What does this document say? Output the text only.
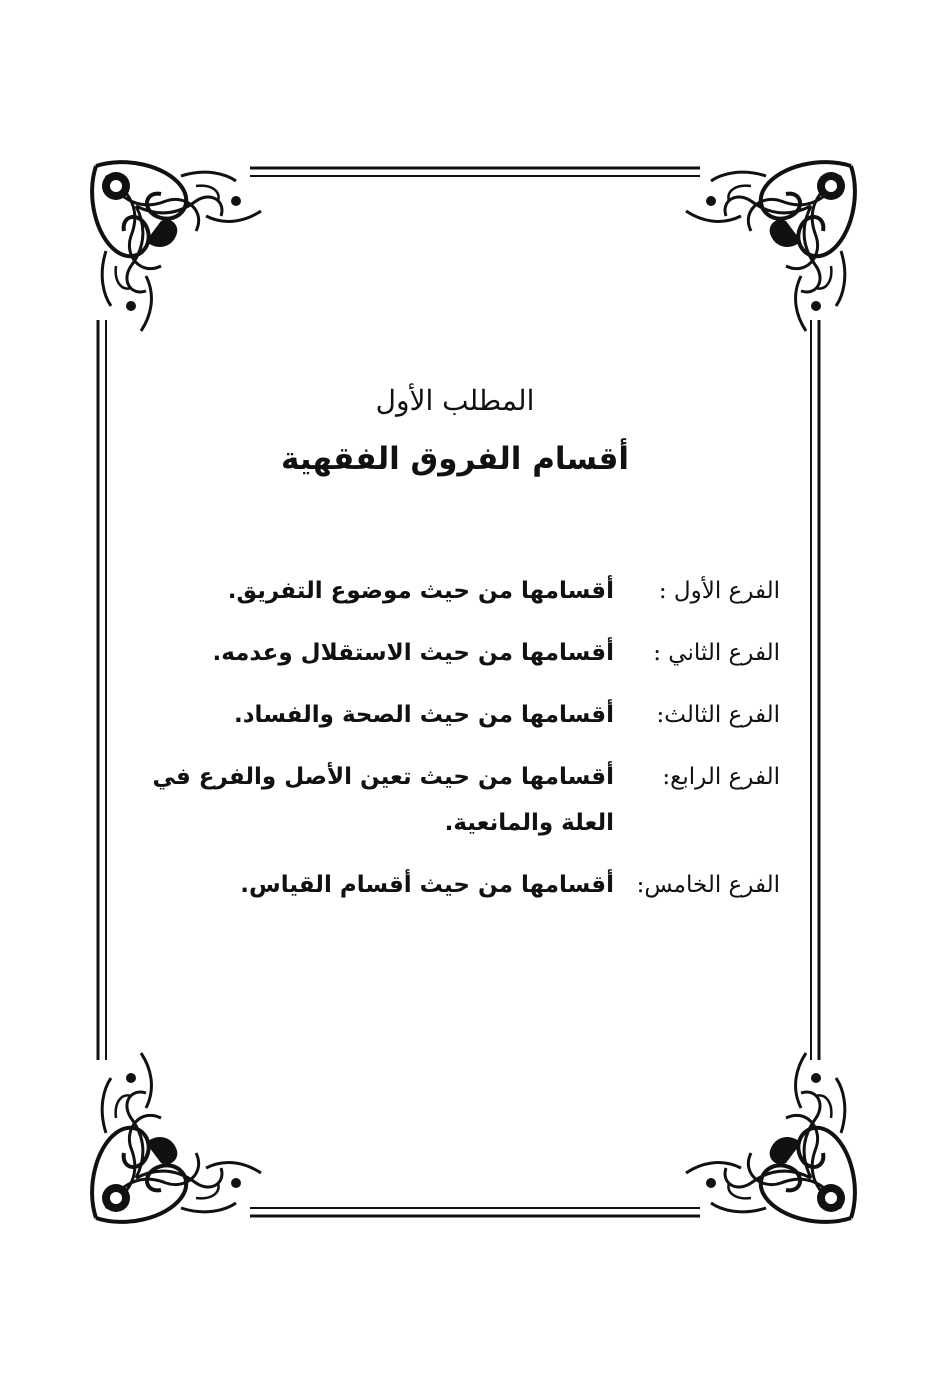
المطلب الأول
أقسام الفروق الفقهية
الفرع الأول :
أقسامها من حيث موضوع التفريق.
الفرع الثاني :
أقسامها من حيث الاستقلال وعدمه.
الفرع الثالث:
أقسامها من حيث الصحة والفساد.
الفرع الرابع:
أقسامها من حيث تعين الأصل والفرع في العلة والمانعية.
الفرع الخامس:
أقسامها من حيث أقسام القياس.
